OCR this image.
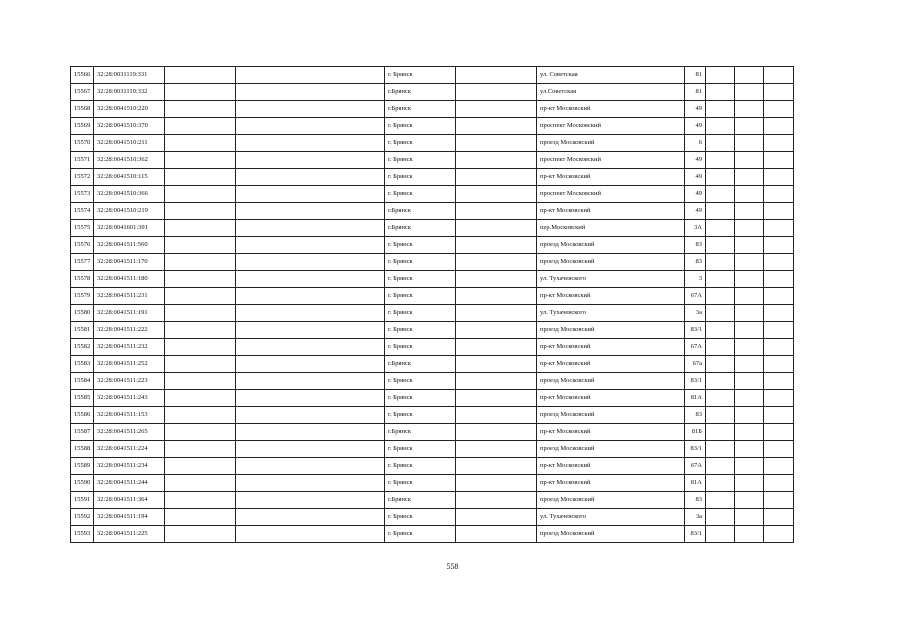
15566	32:28:0031119:331			г. Брянск		ул. Советская	81			
15567	32:28:0031119:332			г.Брянск		ул.Советская	81			
15568	32:28:0041510:220			г.Брянск		пр-кт Московский	49			
15569	32:28:0041510:370			г. Брянск		проспект Московский	49			
15570	32:28:0041510:211			г. Брянск		проезд Московский	6			
15571	32:28:0041510:362			г. Брянск		проспект Московский	49			
15572	32:28:0041510:115			г. Брянск		пр-кт Московский	49			
15573	32:28:0041510:366			г. Брянск		проспект Московский	49			
15574	32:28:0041510:219			г.Брянск		пр-кт Московский	49			
15575	32:28:0041601:391			г.Брянск		пер.Московский	3А			
15576	32:28:0041511:560			г. Брянск		проезд Московский	83			
15577	32:28:0041511:170			г. Брянск		проезд Московский	83			
15578	32:28:0041511:180			г. Брянск		ул. Тухачевского	3			
15579	32:28:0041511:231			г. Брянск		пр-кт Московский	67А			
15580	32:28:0041511:191			г. Брянск		ул. Тухачевского	3а			
15581	32:28:0041511:222			г. Брянск		проезд Московский	83/1			
15582	32:28:0041511:232			г. Брянск		пр-кт Московский	67А			
15583	32:28:0041511:252			г.Брянск		пр-кт Московский	67а			
15584	32:28:0041511:223			г. Брянск		проезд Московский	83/1			
15585	32:28:0041511:243			г. Брянск		пр-кт Московский	81А			
15586	32:28:0041511:153			г. Брянск		проезд Московский	83			
15587	32:28:0041511:265			г.Брянск		пр-кт Московский	81Б			
15588	32:28:0041511:224			г. Брянск		проезд Московский	83/1			
15589	32:28:0041511:234			г. Брянск		пр-кт Московский	67А			
15590	32:28:0041511:244			г. Брянск		пр-кт Московский	81А			
15591	32:28:0041511:364			г.Брянск		проезд Московский	83			
15592	32:28:0041511:194			г. Брянск		ул. Тухачевского	3а			
15593	32:28:0041511:225			г. Брянск		проезд Московский	83/1			
558
